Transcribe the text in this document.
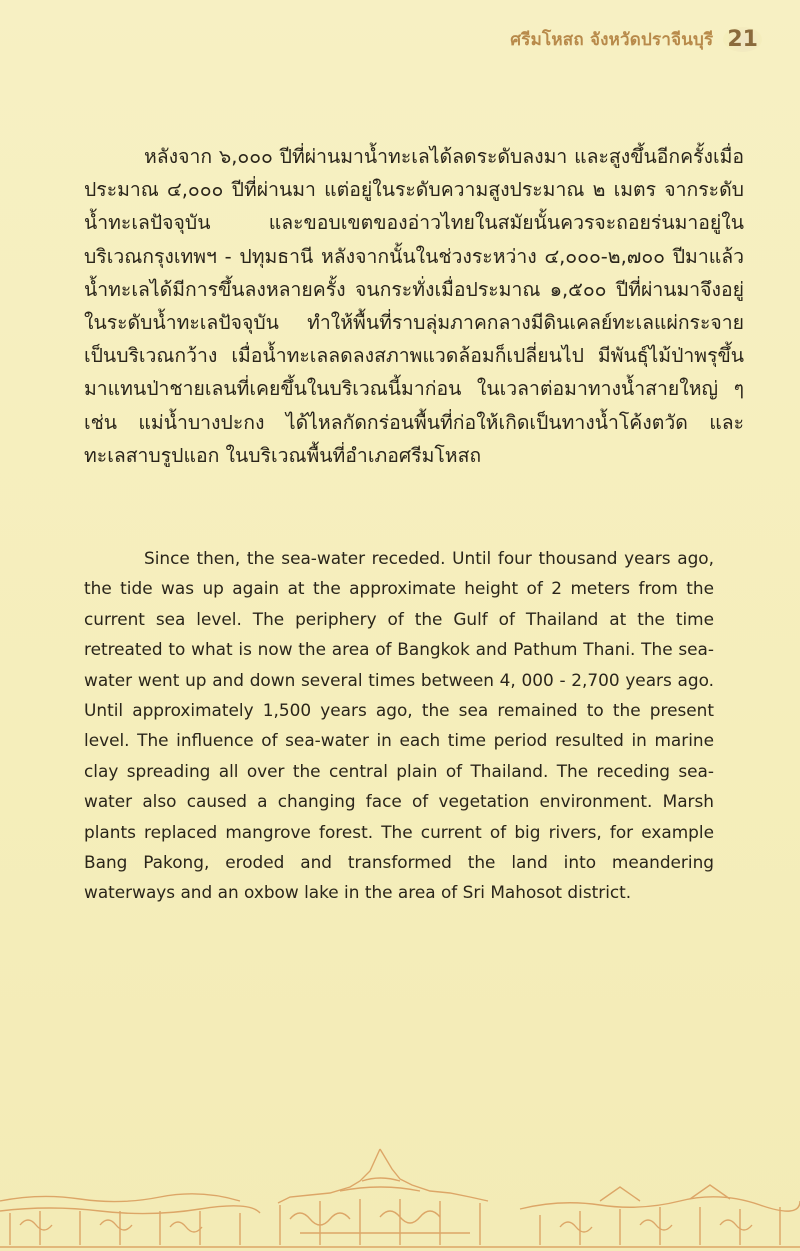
ศรีมโหสถ จังหวัดปราจีนบุรี 21

หลังจาก ๖,๐๐๐ ปีที่ผ่านมาน้ำทะเลได้ลดระดับลงมา และสูงขึ้นอีกครั้งเมื่อประมาณ ๔,๐๐๐ ปีที่ผ่านมา แต่อยู่ในระดับความสูงประมาณ ๒ เมตร จากระดับน้ำทะเลปัจจุบัน และขอบเขตของอ่าวไทยในสมัยนั้นควรจะถอยร่นมาอยู่ในบริเวณกรุงเทพฯ - ปทุมธานี หลังจากนั้นในช่วงระหว่าง ๔,๐๐๐-๒,๗๐๐ ปีมาแล้วน้ำทะเลได้มีการขึ้นลงหลายครั้ง จนกระทั่งเมื่อประมาณ ๑,๕๐๐ ปีที่ผ่านมาจึงอยู่ในระดับน้ำทะเลปัจจุบัน ทำให้พื้นที่ราบลุ่มภาคกลางมีดินเคลย์ทะเลแผ่กระจายเป็นบริเวณกว้าง เมื่อน้ำทะเลลดลงสภาพแวดล้อมก็เปลี่ยนไป มีพันธุ์ไม้ป่าพรุขึ้นมาแทนป่าชายเลนที่เคยขึ้นในบริเวณนี้มาก่อน ในเวลาต่อมาทางน้ำสายใหญ่ ๆ เช่น แม่น้ำบางปะกง ได้ไหลกัดกร่อนพื้นที่ก่อให้เกิดเป็นทางน้ำโค้งตวัด และทะเลสาบรูปแอก ในบริเวณพื้นที่อำเภอศรีมโหสถ

Since then, the sea-water receded. Until four thousand years ago, the tide was up again at the approximate height of 2 meters from the current sea level. The periphery of the Gulf of Thailand at the time retreated to what is now the area of Bangkok and Pathum Thani. The sea-water went up and down several times between 4, 000 - 2,700 years ago. Until approximately 1,500 years ago, the sea remained to the present level. The influence of sea-water in each time period resulted in marine clay spreading all over the central plain of Thailand. The receding sea-water also caused a changing face of vegetation environment. Marsh plants replaced mangrove forest. The current of big rivers, for example Bang Pakong, eroded and transformed the land into meandering waterways and an oxbow lake in the area of Sri Mahosot district.
